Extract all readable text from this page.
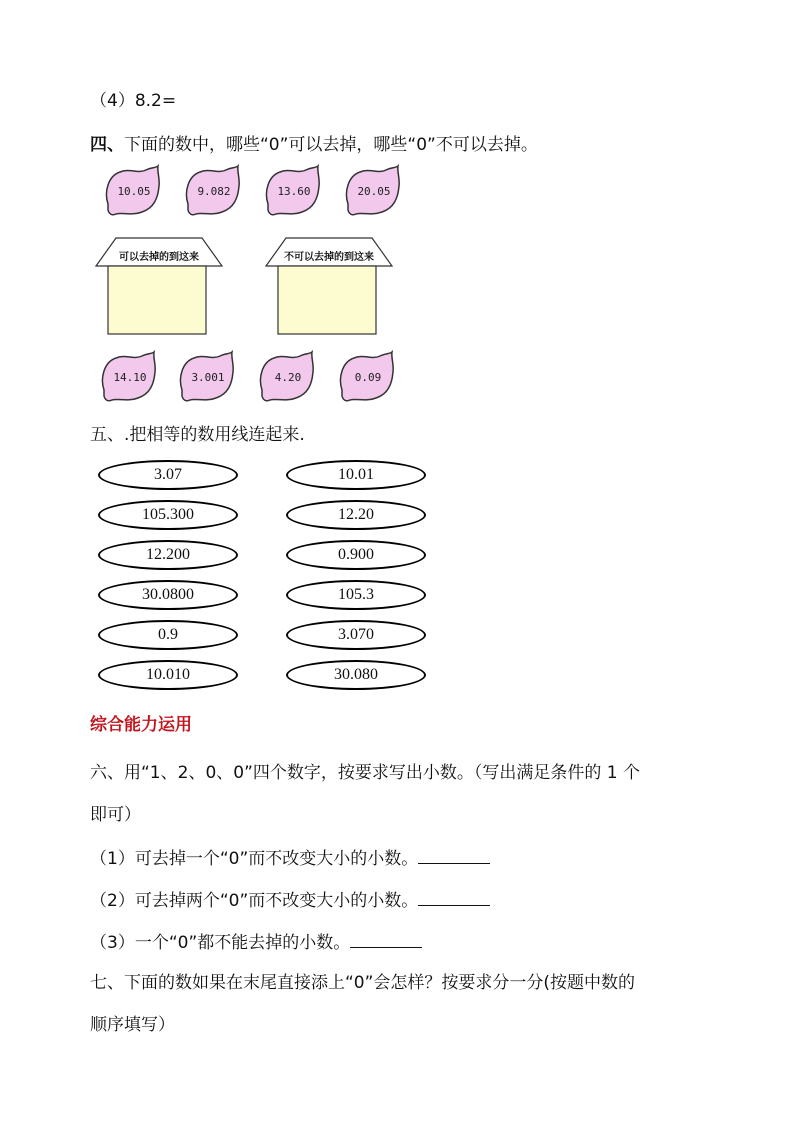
（4）8.2=
四、下面的数中，哪些“0”可以去掉，哪些“0”不可以去掉。
10.05	9.082	13.60	20.05
可以去掉的到这来	不可以去掉的到这来
14.10	3.001	4.20	0.09
五、.把相等的数用线连起来.
3.07
105.300
12.200
30.0800
0.9
10.010
10.01
12.20
0.900
105.3
3.070
30.080
综合能力运用
六、用“1、2、0、0”四个数字，按要求写出小数。（写出满足条件的 1 个
即可）
（1）可去掉一个“0”而不改变大小的小数。
（2）可去掉两个“0”而不改变大小的小数。
（3）一个“0”都不能去掉的小数。
七、下面的数如果在末尾直接添上“0”会怎样？按要求分一分(按题中数的
顺序填写）
